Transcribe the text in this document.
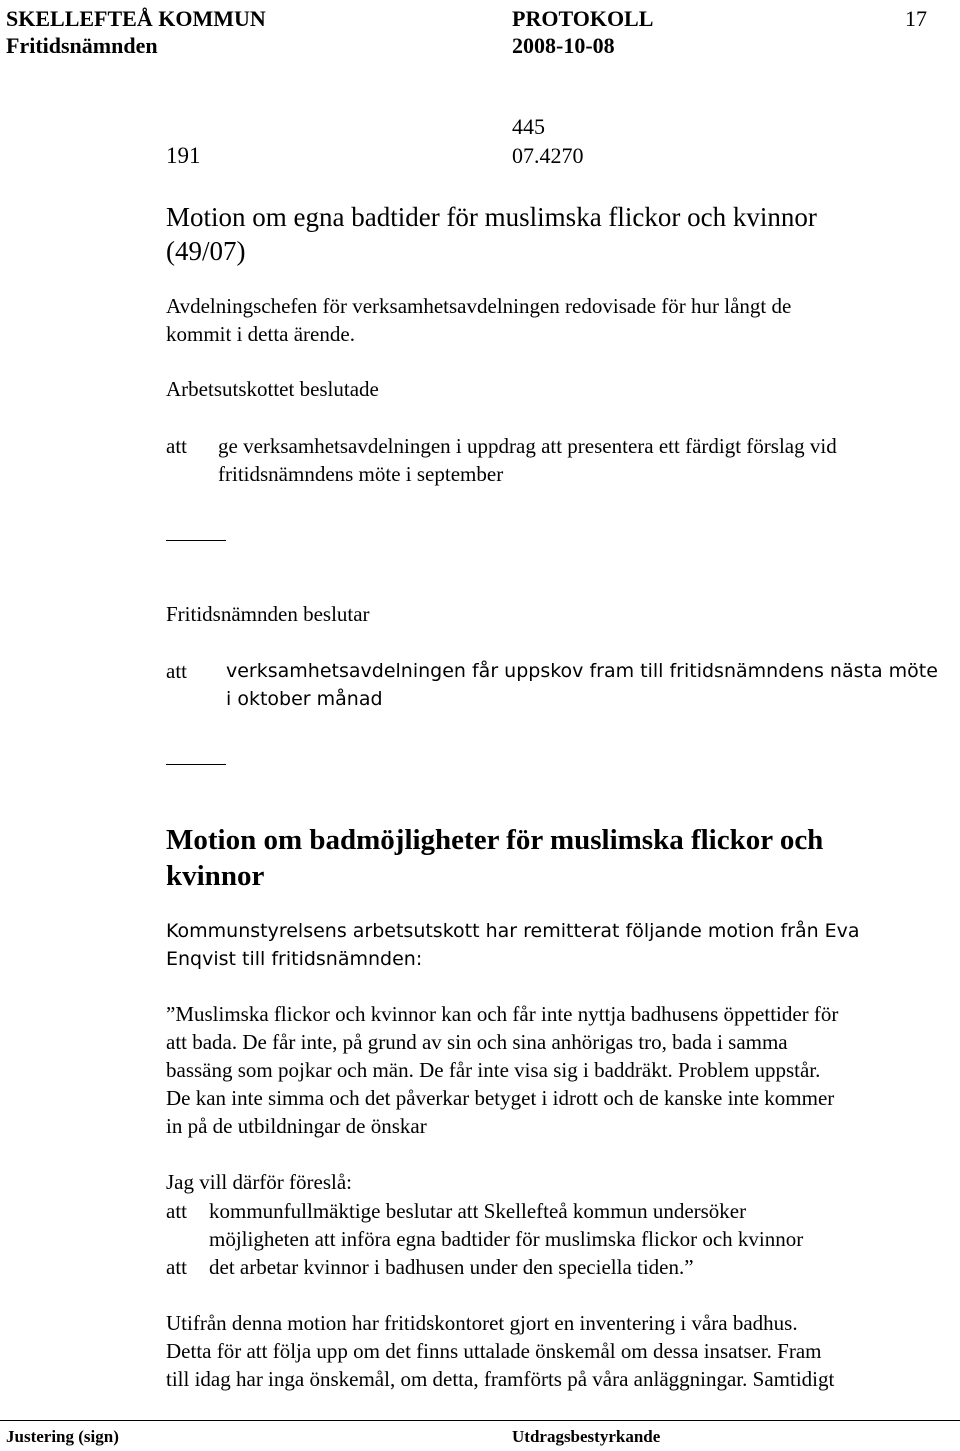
SKELLEFTEÅ KOMMUN	PROTOKOLL	17
Fritidsnämnden	2008-10-08
445
191	07.4270
Motion om egna badtider för muslimska flickor och kvinnor
(49/07)
Avdelningschefen för verksamhetsavdelningen redovisade för hur långt de
kommit i detta ärende.
Arbetsutskottet beslutade
att ge verksamhetsavdelningen i uppdrag att presentera ett färdigt förslag vid
fritidsnämndens möte i september
Fritidsnämnden beslutar
att verksamhetsavdelningen får uppskov fram till fritidsnämndens nästa möte
i oktober månad
Motion om badmöjligheter för muslimska flickor och
kvinnor
Kommunstyrelsens arbetsutskott har remitterat följande motion från Eva
Enqvist till fritidsnämnden:
”Muslimska flickor och kvinnor kan och får inte nyttja badhusens öppettider för
att bada. De får inte, på grund av sin och sina anhörigas tro, bada i samma
bassäng som pojkar och män. De får inte visa sig i baddräkt. Problem uppstår.
De kan inte simma och det påverkar betyget i idrott och de kanske inte kommer
in på de utbildningar de önskar
Jag vill därför föreslå:
att kommunfullmäktige beslutar att Skellefteå kommun undersöker
möjligheten att införa egna badtider för muslimska flickor och kvinnor
att det arbetar kvinnor i badhusen under den speciella tiden.”
Utifrån denna motion har fritidskontoret gjort en inventering i våra badhus.
Detta för att följa upp om det finns uttalade önskemål om dessa insatser. Fram
till idag har inga önskemål, om detta, framförts på våra anläggningar. Samtidigt
Justering (sign)	Utdragsbestyrkande
